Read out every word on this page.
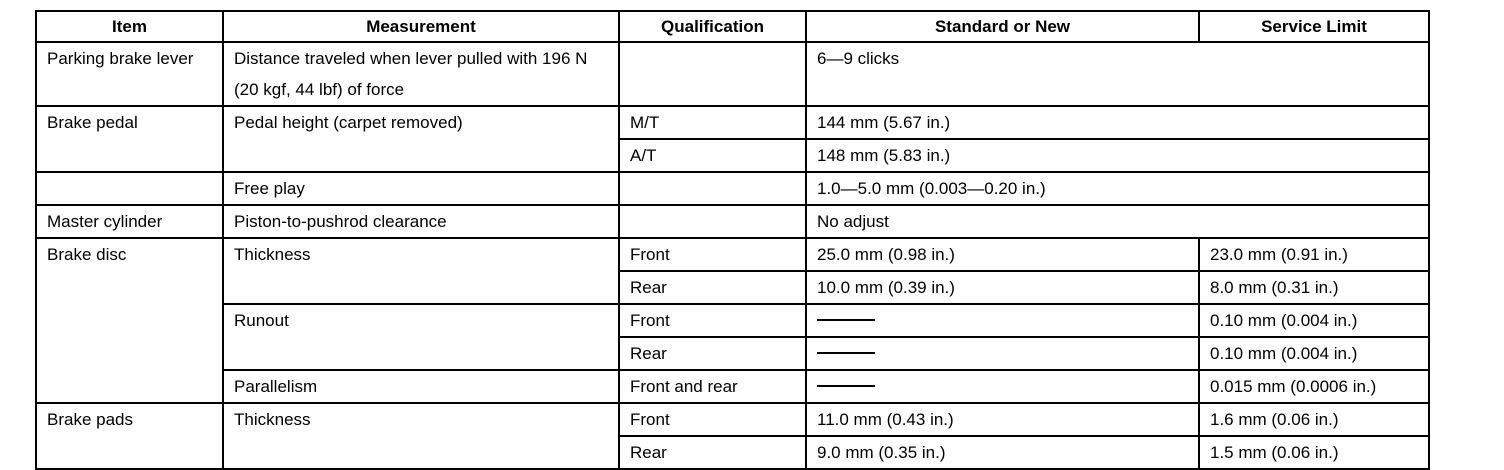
Item	Measurement	Qualification	Standard or New	Service Limit
Parking brake lever	Distance traveled when lever pulled with 196 N (20 kgf, 44 lbf) of force		6—9 clicks	
Brake pedal	Pedal height (carpet removed)	M/T	144 mm (5.67 in.)	
		A/T	148 mm (5.83 in.)	
	Free play		1.0—5.0 mm (0.003—0.20 in.)	
Master cylinder	Piston-to-pushrod clearance		No adjust	
Brake disc	Thickness	Front	25.0 mm (0.98 in.)	23.0 mm (0.91 in.)
		Rear	10.0 mm (0.39 in.)	8.0 mm (0.31 in.)
	Runout	Front		0.10 mm (0.004 in.)
		Rear		0.10 mm (0.004 in.)
	Parallelism	Front and rear		0.015 mm (0.0006 in.)
Brake pads	Thickness	Front	11.0 mm (0.43 in.)	1.6 mm (0.06 in.)
		Rear	9.0 mm (0.35 in.)	1.5 mm (0.06 in.)
